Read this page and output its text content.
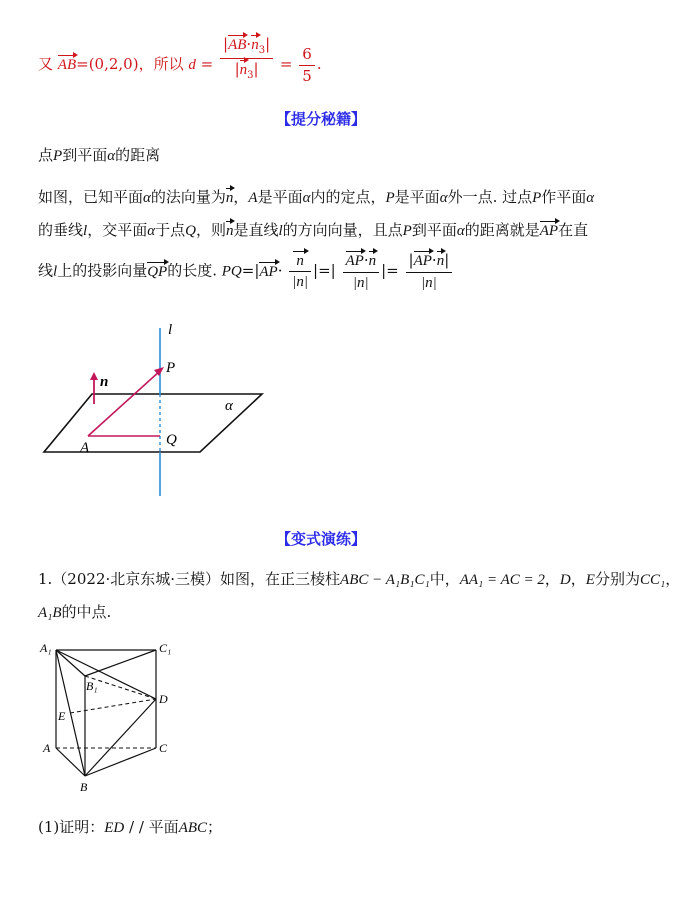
又 AB=(0,2,0)，所以 $d = \frac{|AB\cdot n_3|}{|n_3|} = \frac{6}{5}$ .
【提分秘籍】
点P到平面α的距离
如图，已知平面α的法向量为n，A是平面α内的定点，P是平面α外一点. 过点P作平面α
的垂线l，交平面α于点Q，则n是直线l的方向向量，且点P到平面α的距离就是AP在直
线l上的投影向量QP的长度. $PQ=|AP\cdot \frac{n}{|n|}$ |=| $\frac{AP\cdot n}{|n|}$ |= $\frac{|AP\cdot n|}{|n|}$
l
P
n
α
A	Q
【变式演练】
1.（2022·北京东城·三模）如图，在正三棱柱ABC − A₁B₁C₁中，AA₁ = AC = 2，D，E分别为CC₁，
A₁B的中点.
A₁	C₁
B₁
D
E
A	C
B
(1)证明：ED / / 平面ABC；
